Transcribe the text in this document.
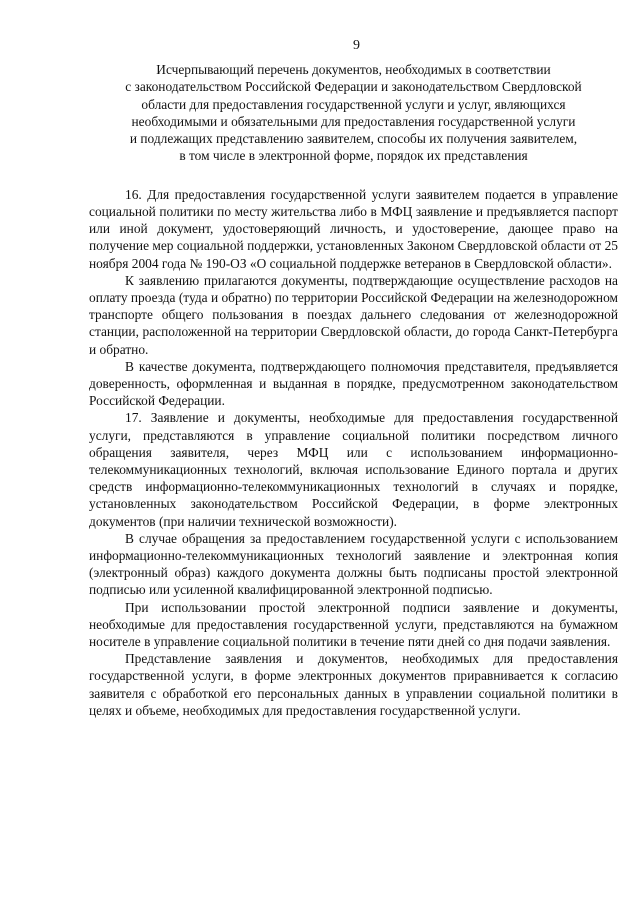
9
Исчерпывающий перечень документов, необходимых в соответствии
с законодательством Российской Федерации и законодательством Свердловской
области для предоставления государственной услуги и услуг, являющихся
необходимыми и обязательными для предоставления государственной услуги
и подлежащих представлению заявителем, способы их получения заявителем,
в том числе в электронной форме, порядок их представления

16. Для предоставления государственной услуги заявителем подается в управление социальной политики по месту жительства либо в МФЦ заявление и предъявляется паспорт или иной документ, удостоверяющий личность, и удостоверение, дающее право на получение мер социальной поддержки, установленных Законом Свердловской области от 25 ноября 2004 года № 190-ОЗ «О социальной поддержке ветеранов в Свердловской области».

К заявлению прилагаются документы, подтверждающие осуществление расходов на оплату проезда (туда и обратно) по территории Российской Федерации на железнодорожном транспорте общего пользования в поездах дальнего следования от железнодорожной станции, расположенной на территории Свердловской области, до города Санкт-Петербурга и обратно.

В качестве документа, подтверждающего полномочия представителя, предъявляется доверенность, оформленная и выданная в порядке, предусмотренном законодательством Российской Федерации.

17. Заявление и документы, необходимые для предоставления государственной услуги, представляются в управление социальной политики посредством личного обращения заявителя, через МФЦ или с использованием информационно-телекоммуникационных технологий, включая использование Единого портала и других средств информационно-телекоммуникационных технологий в случаях и порядке, установленных законодательством Российской Федерации, в форме электронных документов (при наличии технической возможности).

В случае обращения за предоставлением государственной услуги с использованием информационно-телекоммуникационных технологий заявление и электронная копия (электронный образ) каждого документа должны быть подписаны простой электронной подписью или усиленной квалифицированной электронной подписью.

При использовании простой электронной подписи заявление и документы, необходимые для предоставления государственной услуги, представляются на бумажном носителе в управление социальной политики в течение пяти дней со дня подачи заявления.

Представление заявления и документов, необходимых для предоставления государственной услуги, в форме электронных документов приравнивается к согласию заявителя с обработкой его персональных данных в управлении социальной политики в целях и объеме, необходимых для предоставления государственной услуги.
